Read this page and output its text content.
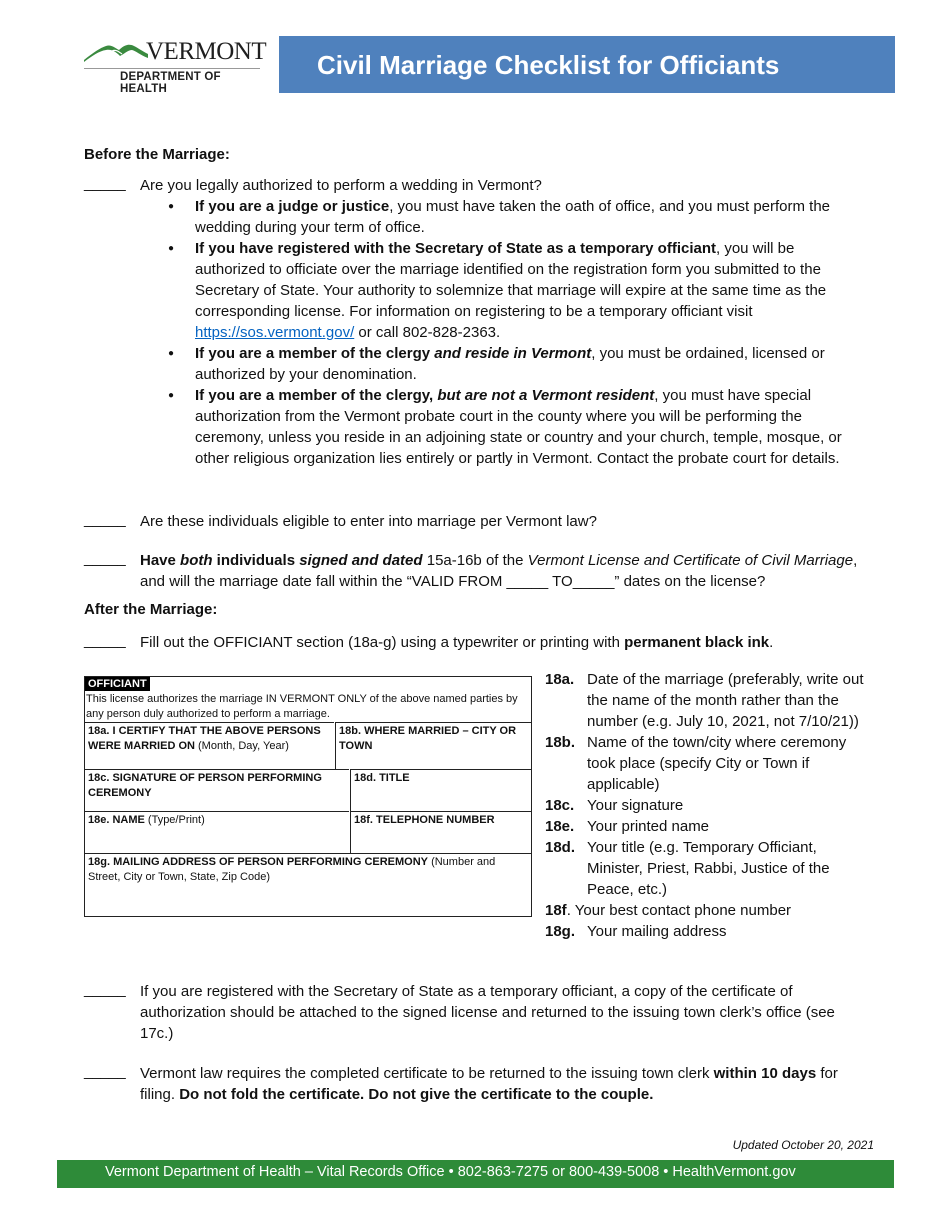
VERMONT
DEPARTMENT OF HEALTH
Civil Marriage Checklist for Officiants
Before the Marriage:
_____ Are you legally authorized to perform a wedding in Vermont?
● If you are a judge or justice, you must have taken the oath of office, and you must perform the wedding during your term of office.
● If you have registered with the Secretary of State as a temporary officiant, you will be authorized to officiate over the marriage identified on the registration form you submitted to the Secretary of State. Your authority to solemnize that marriage will expire at the same time as the corresponding license. For information on registering to be a temporary officiant visit https://sos.vermont.gov/ or call 802-828-2363.
● If you are a member of the clergy and reside in Vermont, you must be ordained, licensed or authorized by your denomination.
● If you are a member of the clergy, but are not a Vermont resident, you must have special authorization from the Vermont probate court in the county where you will be performing the ceremony, unless you reside in an adjoining state or country and your church, temple, mosque, or other religious organization lies entirely or partly in Vermont. Contact the probate court for details.
_____ Are these individuals eligible to enter into marriage per Vermont law?
_____ Have both individuals signed and dated 15a-16b of the Vermont License and Certificate of Civil Marriage, and will the marriage date fall within the “VALID FROM _____ TO_____” dates on the license?
After the Marriage:
_____ Fill out the OFFICIANT section (18a-g) using a typewriter or printing with permanent black ink.
OFFICIANT
This license authorizes the marriage IN VERMONT ONLY of the above named parties by any person duly authorized to perform a marriage.
18a. I CERTIFY THAT THE ABOVE PERSONS WERE MARRIED ON (Month, Day, Year)
18b. WHERE MARRIED – CITY OR TOWN
18c. SIGNATURE OF PERSON PERFORMING CEREMONY
18d. TITLE
18e. NAME (Type/Print)	18f. TELEPHONE NUMBER
18g. MAILING ADDRESS OF PERSON PERFORMING CEREMONY (Number and Street, City or Town, State, Zip Code)
18a. Date of the marriage (preferably, write out the name of the month rather than the number (e.g. July 10, 2021, not 7/10/21))
18b. Name of the town/city where ceremony took place (specify City or Town if applicable)
18c. Your signature
18e. Your printed name
18d. Your title (e.g. Temporary Officiant, Minister, Priest, Rabbi, Justice of the Peace, etc.)
18f. Your best contact phone number
18g. Your mailing address
_____ If you are registered with the Secretary of State as a temporary officiant, a copy of the certificate of authorization should be attached to the signed license and returned to the issuing town clerk’s office (see 17c.)
_____ Vermont law requires the completed certificate to be returned to the issuing town clerk within 10 days for filing. Do not fold the certificate. Do not give the certificate to the couple.
Updated October 20, 2021
Vermont Department of Health – Vital Records Office • 802-863-7275 or 800-439-5008 • HealthVermont.gov
